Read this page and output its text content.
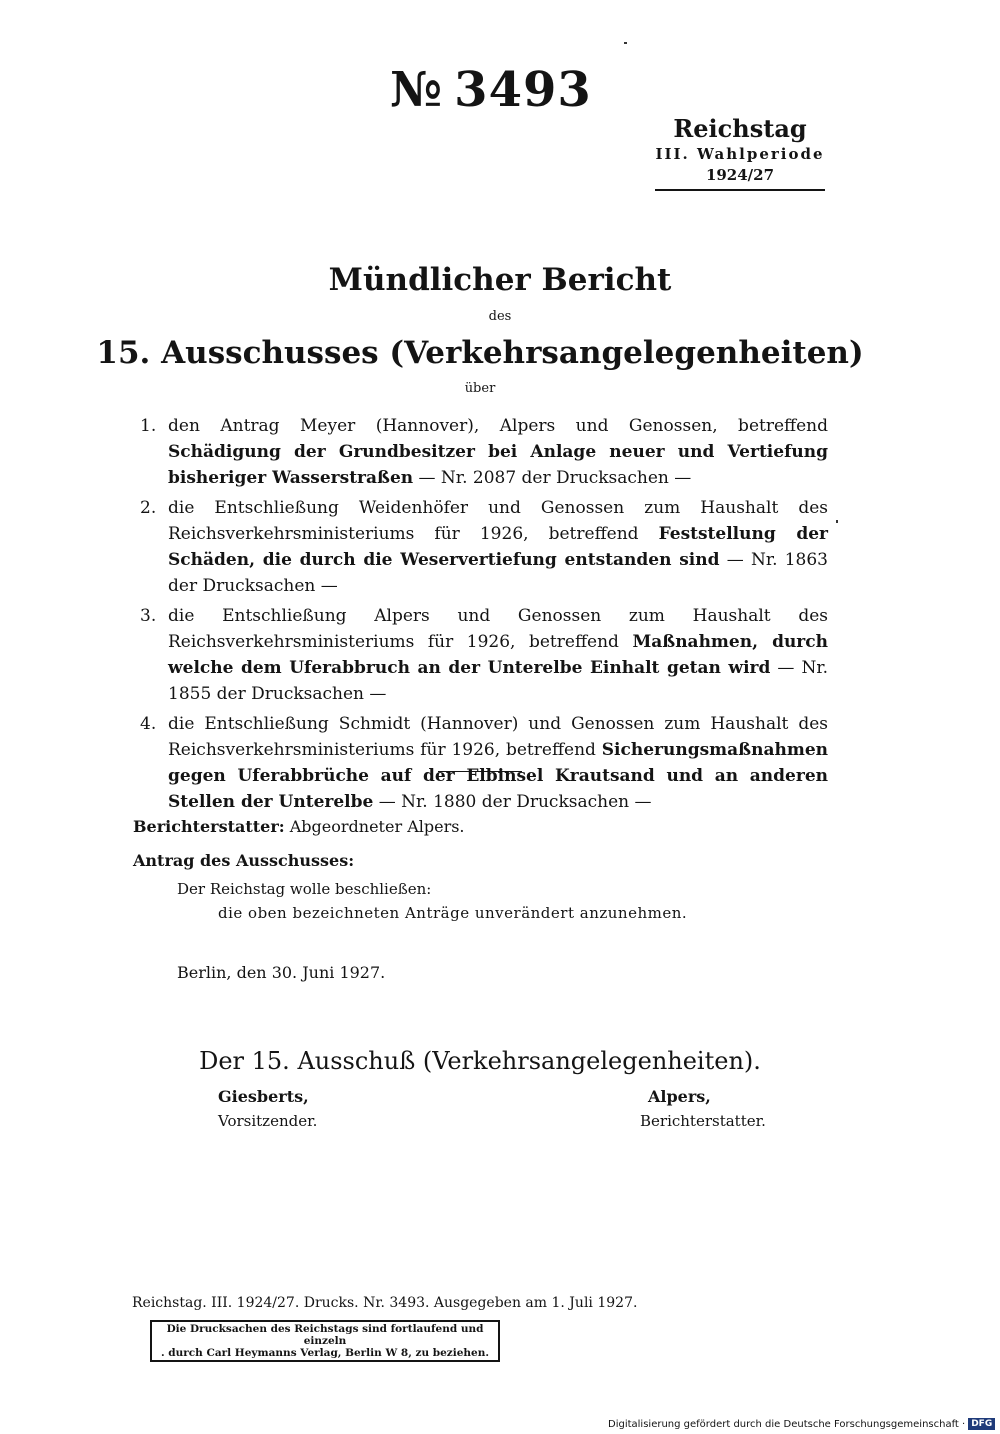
№ 3493
Reichstag
III. Wahlperiode
1924/27
Mündlicher Bericht
des
15. Ausschusses (Verkehrsangelegenheiten)
über
1. den Antrag Meyer (Hannover), Alpers und Genossen, betreffend Schädigung der Grundbesitzer bei Anlage neuer und Vertiefung bisheriger Wasserstraßen — Nr. 2087 der Drucksachen —
2. die Entschließung Weidenhöfer und Genossen zum Haushalt des Reichsverkehrsministeriums für 1926, betreffend Feststellung der Schäden, die durch die Weservertiefung entstanden sind — Nr. 1863 der Drucksachen —
3. die Entschließung Alpers und Genossen zum Haushalt des Reichsverkehrsministeriums für 1926, betreffend Maßnahmen, durch welche dem Uferabbruch an der Unterelbe Einhalt getan wird — Nr. 1855 der Drucksachen —
4. die Entschließung Schmidt (Hannover) und Genossen zum Haushalt des Reichsverkehrsministeriums für 1926, betreffend Sicherungsmaßnahmen gegen Uferabbrüche auf der Elbinsel Krautsand und an anderen Stellen der Unterelbe — Nr. 1880 der Drucksachen —
Berichterstatter: Abgeordneter Alpers.
Antrag des Ausschusses:
Der Reichstag wolle beschließen:
die oben bezeichneten Anträge unverändert anzunehmen.
Berlin, den 30. Juni 1927.
Der 15. Ausschuß (Verkehrsangelegenheiten).
Giesberts,
Vorsitzender.
Alpers,
Berichterstatter.
Reichstag. III. 1924/27. Drucks. Nr. 3493. Ausgegeben am 1. Juli 1927.
Die Drucksachen des Reichstags sind fortlaufend und einzeln
. durch Carl Heymanns Verlag, Berlin W 8, zu beziehen.
Digitalisierung gefördert durch die Deutsche Forschungsgemeinschaft · DFG
